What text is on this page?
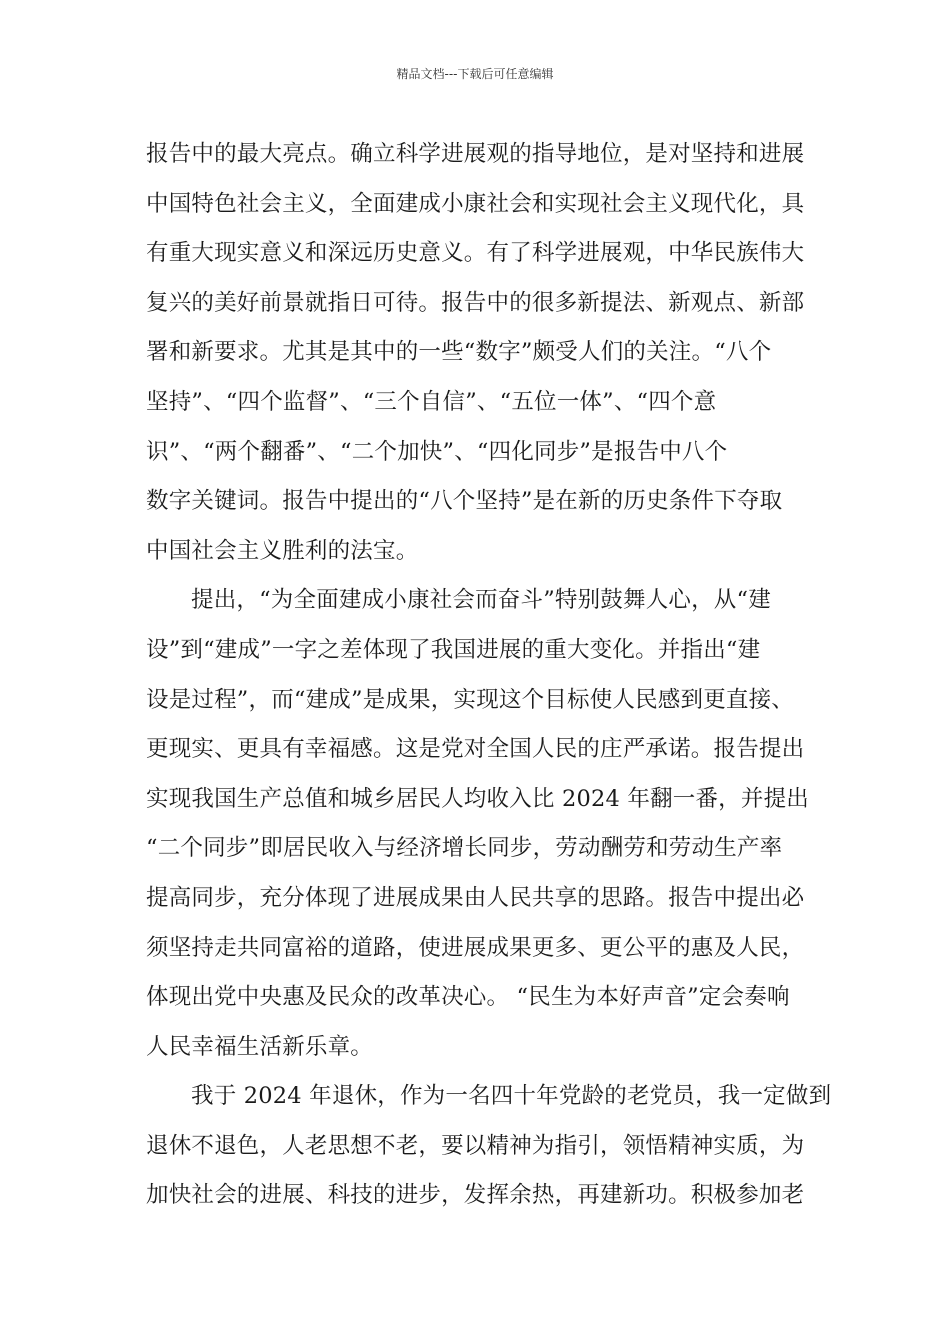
精品文档---下载后可任意编辑
报告中的最大亮点。确立科学进展观的指导地位，是对坚持和进展
中国特色社会主义，全面建成小康社会和实现社会主义现代化，具
有重大现实意义和深远历史意义。有了科学进展观，中华民族伟大
复兴的美好前景就指日可待。报告中的很多新提法、新观点、新部
署和新要求。尤其是其中的一些“数字”颇受人们的关注。“八个
坚持”、“四个监督”、“三个自信”、“五位一体”、“四个意
识”、“两个翻番”、“二个加快”、“四化同步”是报告中八个
数字关键词。报告中提出的“八个坚持”是在新的历史条件下夺取
中国社会主义胜利的法宝。
提出，“为全面建成小康社会而奋斗”特别鼓舞人心，从“建
设”到“建成”一字之差体现了我国进展的重大变化。并指出“建
设是过程”，而“建成”是成果，实现这个目标使人民感到更直接、
更现实、更具有幸福感。这是党对全国人民的庄严承诺。报告提出
实现我国生产总值和城乡居民人均收入比 2024 年翻一番，并提出
“二个同步”即居民收入与经济增长同步，劳动酬劳和劳动生产率
提高同步，充分体现了进展成果由人民共享的思路。报告中提出必
须坚持走共同富裕的道路，使进展成果更多、更公平的惠及人民，
体现出党中央惠及民众的改革决心。 “民生为本好声音”定会奏响
人民幸福生活新乐章。
我于 2024 年退休，作为一名四十年党龄的老党员，我一定做到
退休不退色，人老思想不老，要以精神为指引，领悟精神实质，为
加快社会的进展、科技的进步，发挥余热，再建新功。积极参加老
